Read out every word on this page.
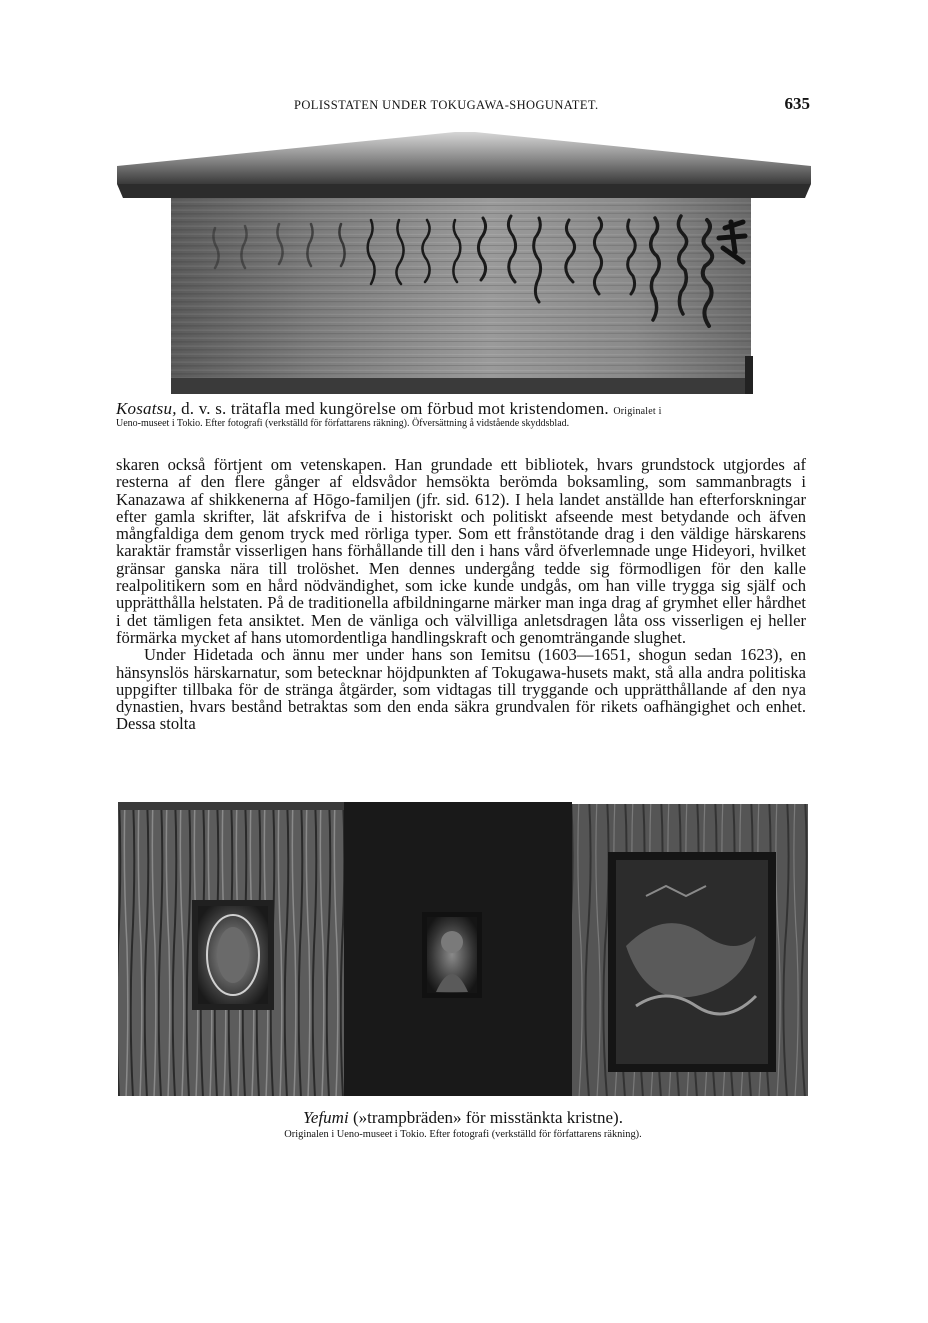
POLISSTATEN UNDER TOKUGAWA-SHOGUNATET.	635
Kosatsu, d. v. s. trätafla med kungörelse om förbud mot kristendomen. Originalet i
Ueno-museet i Tokio. Efter fotografi (verkställd för författarens räkning). Öfversättning å vidstående skyddsblad.

skaren också förtjent om vetenskapen. Han grundade ett bibliotek, hvars grundstock utgjordes af resterna af den flere gånger af eldsvådor hemsökta berömda boksamling, som sammanbragts i Kanazawa af shikkenerna af Hōgo-familjen (jfr. sid. 612). I hela landet anställde han efterforskningar efter gamla skrifter, lät afskrifva de i historiskt och politiskt afseende mest betydande och äfven mångfaldiga dem genom tryck med rörliga typer. Som ett frånstötande drag i den väldige härskarens karaktär framstår visserligen hans förhållande till den i hans vård öfverlemnade unge Hideyori, hvilket gränsar ganska nära till trolöshet. Men dennes undergång tedde sig förmodligen för den kalle realpolitikern som en hård nödvändighet, som icke kunde undgås, om han ville trygga sig själf och upprätthålla helstaten. På de traditionella afbildningarne märker man inga drag af grymhet eller hårdhet i det tämligen feta ansiktet. Men de vänliga och välvilliga anletsdragen låta oss visserligen ej heller förmärka mycket af hans utomordentliga handlingskraft och genomträngande slughet.

Under Hidetada och ännu mer under hans son Iemitsu (1603—1651, shogun sedan 1623), en hänsynslös härskarnatur, som betecknar höjdpunkten af Tokugawa-husets makt, stå alla andra politiska uppgifter tillbaka för de stränga åtgärder, som vidtagas till tryggande och upprätthållande af den nya dynastien, hvars bestånd betraktas som den enda säkra grundvalen för rikets oafhängighet och enhet. Dessa stolta

Yefumi (»trampbräden» för misstänkta kristne).
Originalen i Ueno-museet i Tokio. Efter fotografi (verkställd för författarens räkning).
